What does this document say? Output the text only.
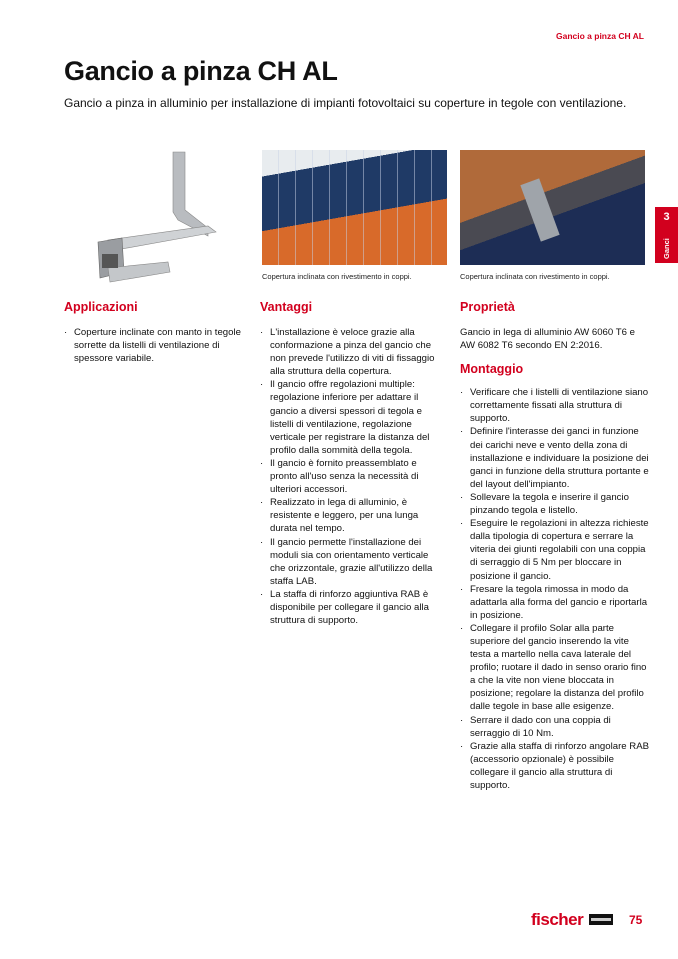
Gancio a pinza CH AL
Gancio a pinza CH AL
Gancio a pinza in alluminio per installazione di impianti fotovoltaici su coperture in tegole con ventilazione.
Copertura inclinata con rivestimento in coppi.	Copertura inclinata con rivestimento in coppi.
3
Ganci
Applicazioni
· Coperture inclinate con manto in tegole sorrette da listelli di ventilazione di spessore variabile.
Vantaggi
· L'installazione è veloce grazie alla conformazione a pinza del gancio che non prevede l'utilizzo di viti di fissaggio alla struttura della copertura.
· Il gancio offre regolazioni multiple: regolazione inferiore per adattare il gancio a diversi spessori di tegola e listelli di ventilazione, regolazione verticale per registrare la distanza del profilo dalla sommità della tegola.
· Il gancio è fornito preassemblato e pronto all'uso senza la necessità di ulteriori accessori.
· Realizzato in lega di alluminio, è resistente e leggero, per una lunga durata nel tempo.
· Il gancio permette l'installazione dei moduli sia con orientamento verticale che orizzontale, grazie all'utilizzo della staffa LAB.
· La staffa di rinforzo aggiuntiva RAB è disponibile per collegare il gancio alla struttura di supporto.
Proprietà

Gancio in lega di alluminio AW 6060 T6 e AW 6082 T6 secondo EN 2:2016.

Montaggio
· Verificare che i listelli di ventilazione siano correttamente fissati alla struttura di supporto.
· Definire l'interasse dei ganci in funzione dei carichi neve e vento della zona di installazione e individuare la posizione dei ganci in funzione della struttura portante e del layout dell'impianto.
· Sollevare la tegola e inserire il gancio pinzando tegola e listello.
· Eseguire le regolazioni in altezza richieste dalla tipologia di copertura e serrare la viteria dei giunti regolabili con una coppia di serraggio di 5 Nm per bloccare in posizione il gancio.
· Fresare la tegola rimossa in modo da adattarla alla forma del gancio e riportarla in posizione.
· Collegare il profilo Solar alla parte superiore del gancio inserendo la vite testa a martello nella cava laterale del profilo; ruotare il dado in senso orario fino a che la vite non viene bloccata in posizione; regolare la distanza del profilo dalle tegole in base alle esigenze.
· Serrare il dado con una coppia di serraggio di 10 Nm.
· Grazie alla staffa di rinforzo angolare RAB (accessorio opzionale) è possibile collegare il gancio alla struttura di supporto.
fischer	75
